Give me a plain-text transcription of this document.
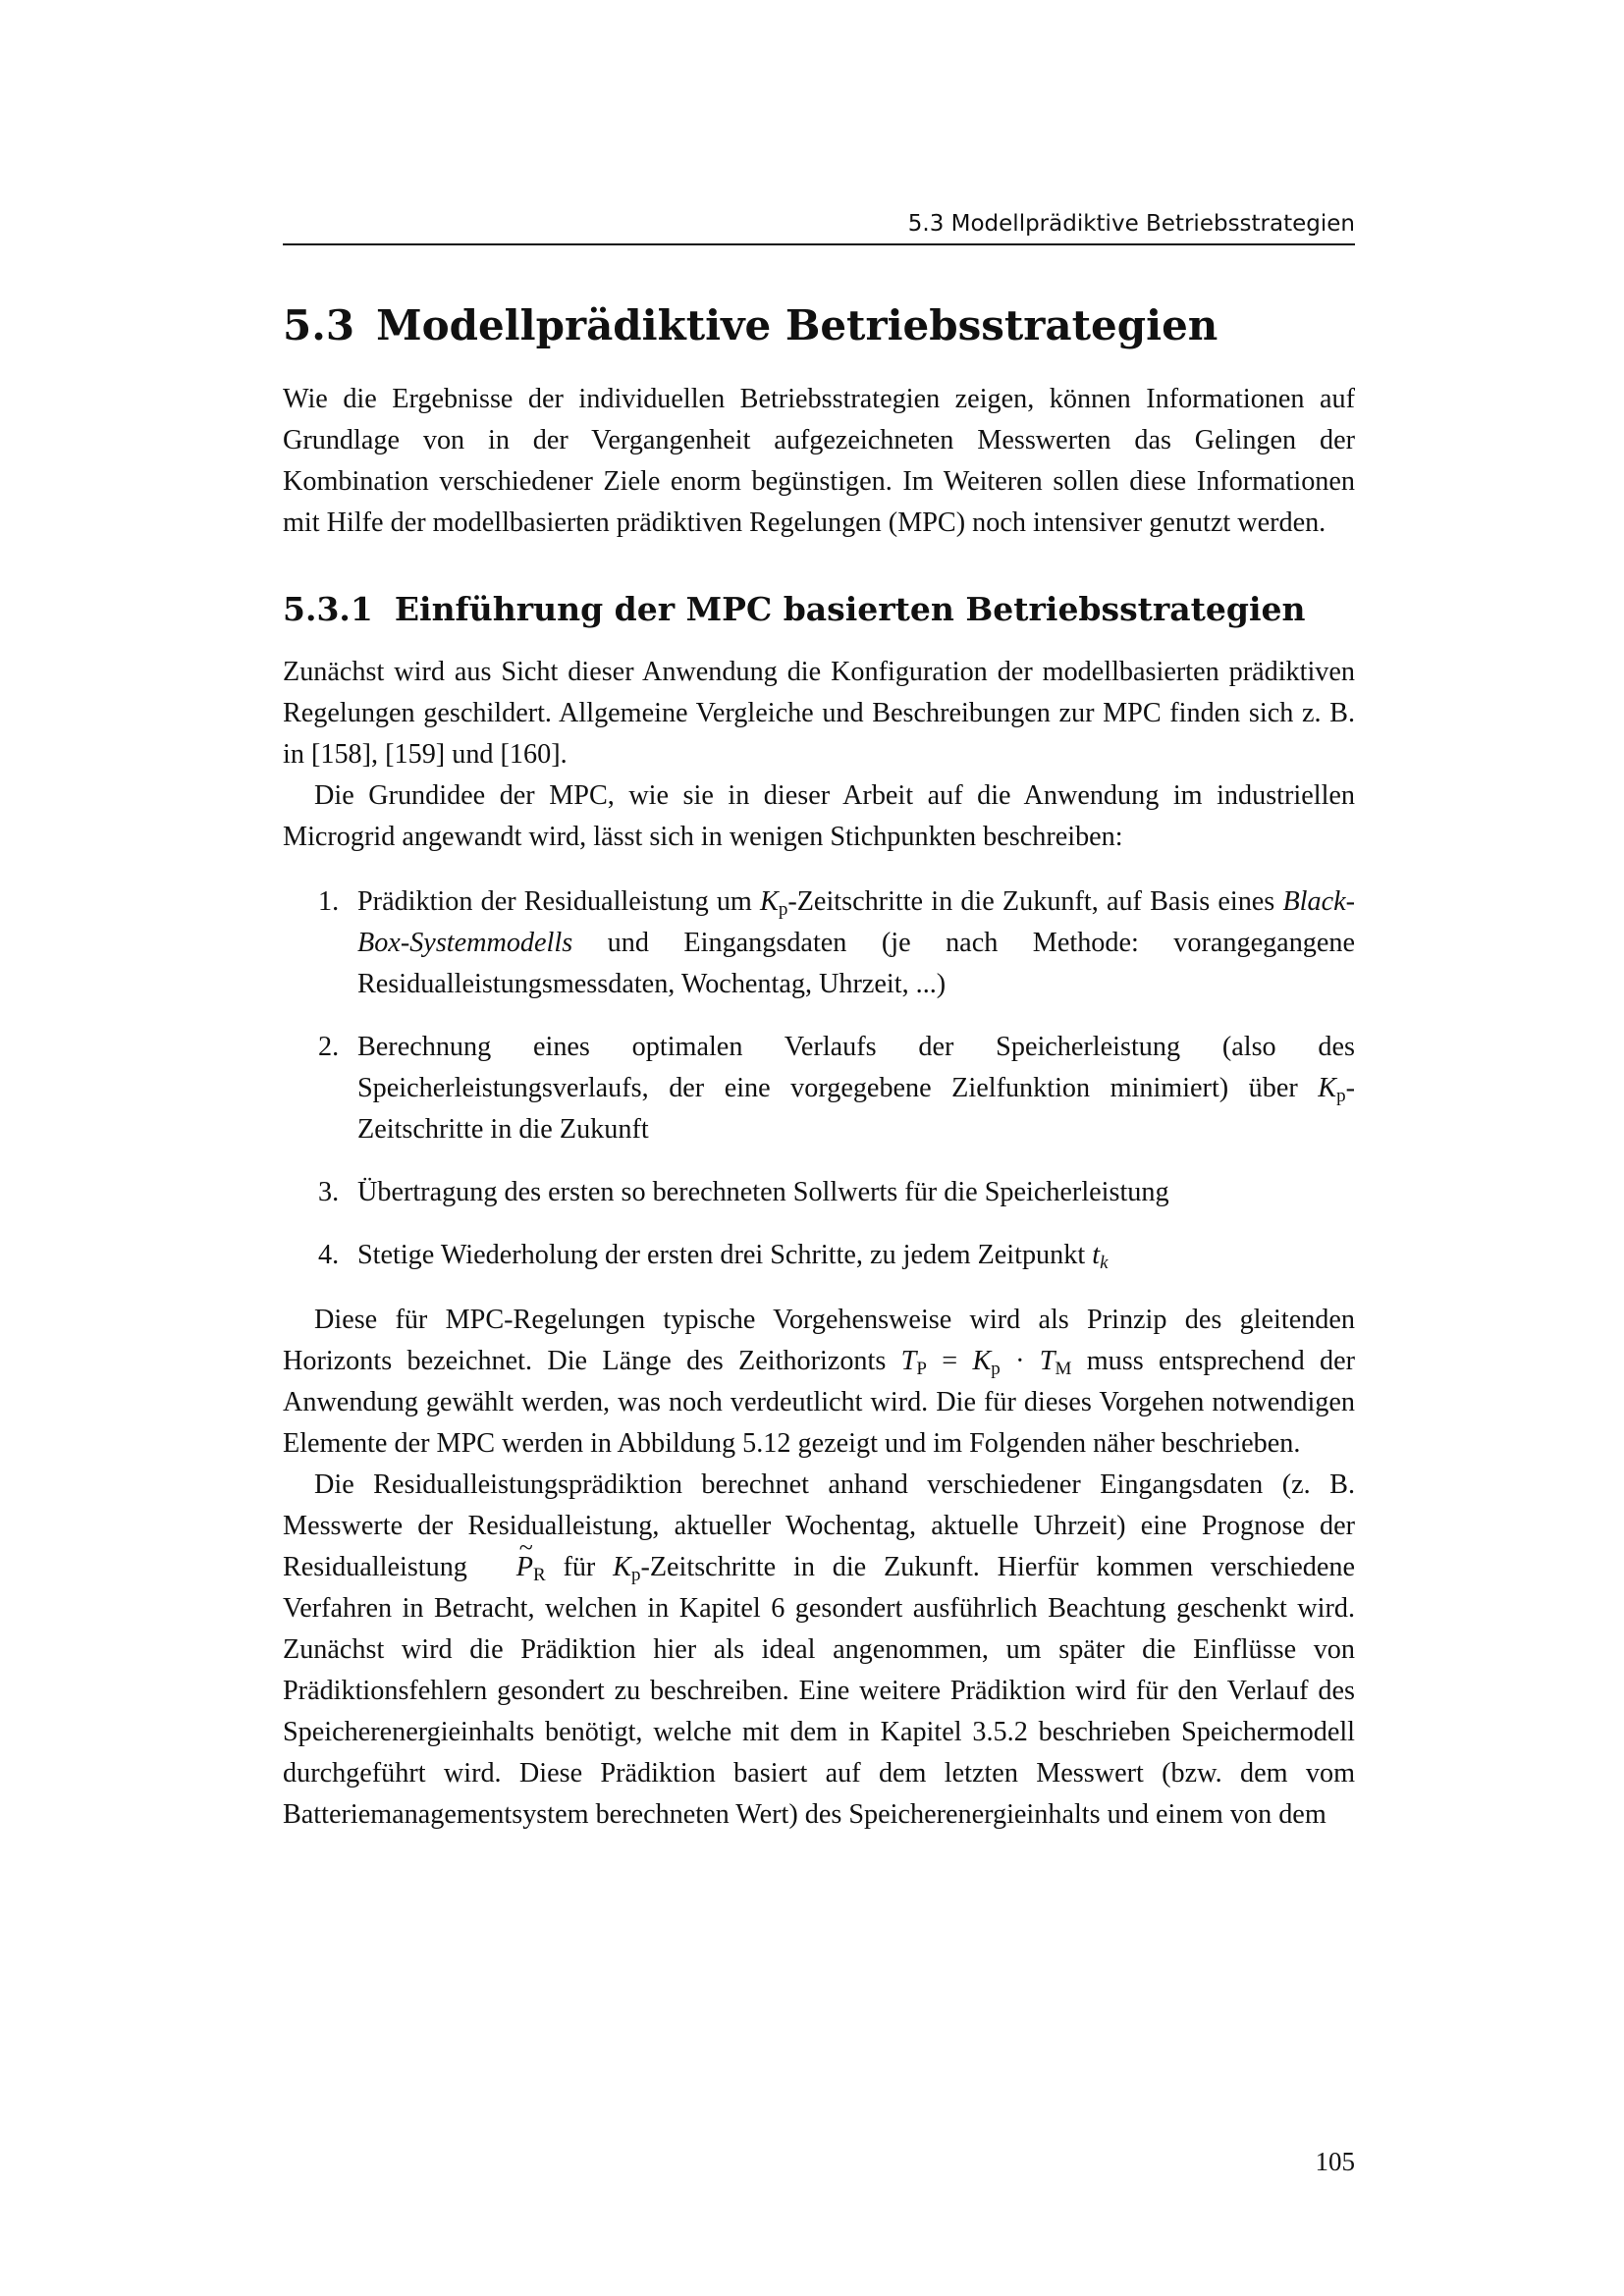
5.3 Modellprädiktive Betriebsstrategien
5.3 Modellprädiktive Betriebsstrategien

Wie die Ergebnisse der individuellen Betriebsstrategien zeigen, können Informationen auf Grundlage von in der Vergangenheit aufgezeichneten Messwerten das Gelingen der Kombination verschiedener Ziele enorm begünstigen. Im Weiteren sollen diese Informationen mit Hilfe der modellbasierten prädiktiven Regelungen (MPC) noch intensiver genutzt werden.

5.3.1 Einführung der MPC basierten Betriebsstrategien

Zunächst wird aus Sicht dieser Anwendung die Konfiguration der modellbasierten prädiktiven Regelungen geschildert. Allgemeine Vergleiche und Beschreibungen zur MPC finden sich z. B. in [158], [159] und [160].

Die Grundidee der MPC, wie sie in dieser Arbeit auf die Anwendung im industriellen Microgrid angewandt wird, lässt sich in wenigen Stichpunkten beschreiben:

1. Prädiktion der Residualleistung um $K_p$-Zeitschritte in die Zukunft, auf Basis eines Black-Box-Systemmodells und Eingangsdaten (je nach Methode: vorangegangene Residualleistungsmessdaten, Wochentag, Uhrzeit, ...)
2. Berechnung eines optimalen Verlaufs der Speicherleistung (also des Speicherleistungsverlaufs, der eine vorgegebene Zielfunktion minimiert) über $K_p$-Zeitschritte in die Zukunft
3. Übertragung des ersten so berechneten Sollwerts für die Speicherleistung
4. Stetige Wiederholung der ersten drei Schritte, zu jedem Zeitpunkt $t_k$

Diese für MPC-Regelungen typische Vorgehensweise wird als Prinzip des gleitenden Horizonts bezeichnet. Die Länge des Zeithorizonts $T_P = K_p \cdot T_M$ muss entsprechend der Anwendung gewählt werden, was noch verdeutlicht wird. Die für dieses Vorgehen notwendigen Elemente der MPC werden in Abbildung 5.12 gezeigt und im Folgenden näher beschrieben.

Die Residualleistungsprädiktion berechnet anhand verschiedener Eingangsdaten (z. B. Messwerte der Residualleistung, aktueller Wochentag, aktuelle Uhrzeit) eine Prognose der Residualleistung ~ $P_R$ für $K_p$-Zeitschritte in die Zukunft. Hierfür kommen verschiedene Verfahren in Betracht, welchen in Kapitel 6 gesondert ausführlich Beachtung geschenkt wird. Zunächst wird die Prädiktion hier als ideal angenommen, um später die Einflüsse von Prädiktionsfehlern gesondert zu beschreiben. Eine weitere Prädiktion wird für den Verlauf des Speicherenergieinhalts benötigt, welche mit dem in Kapitel 3.5.2 beschrieben Speichermodell durchgeführt wird. Diese Prädiktion basiert auf dem letzten Messwert (bzw. dem vom Batteriemanagementsystem berechneten Wert) des Speicherenergieinhalts und einem von dem

105
